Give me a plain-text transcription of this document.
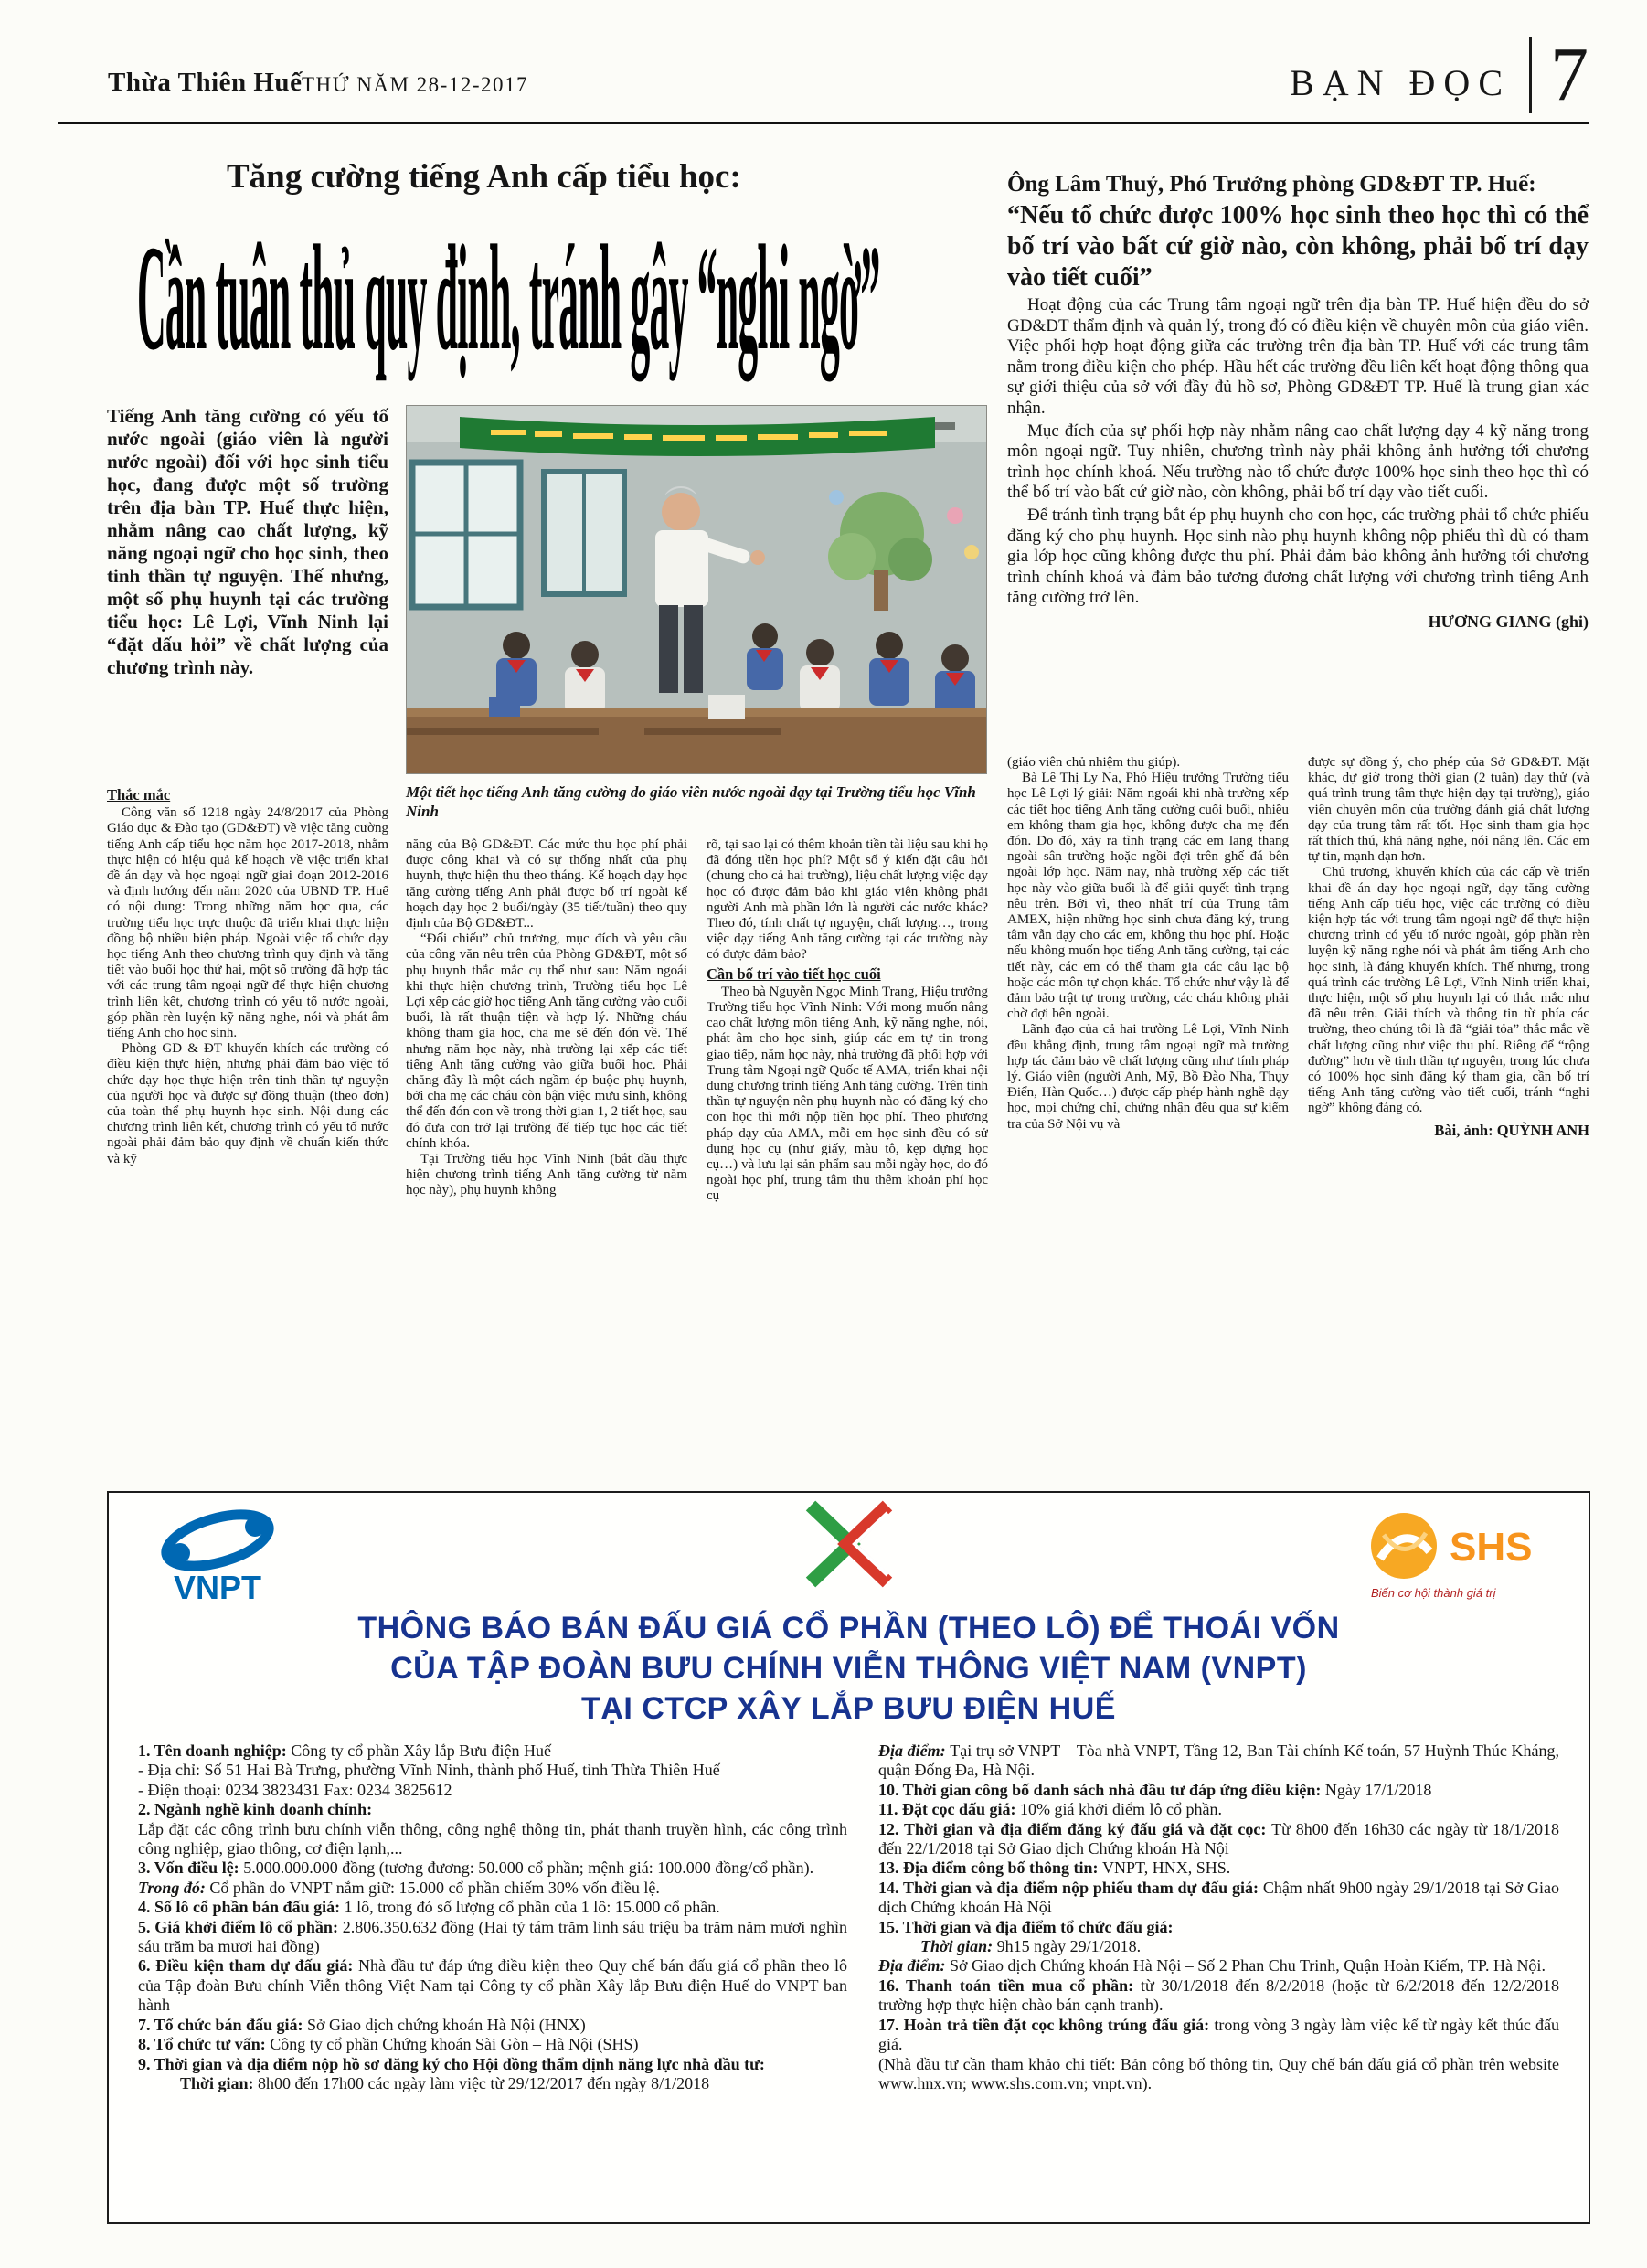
Thừa Thiên Huế THỨ NĂM 28-12-2017	BẠN ĐỌC 7
Tăng cường tiếng Anh cấp tiểu học:
Cần tuân thủ quy định, tránh gây “nghi ngờ”
Tiếng Anh tăng cường có yếu tố nước ngoài (giáo viên là người nước ngoài) đối với học sinh tiểu học, đang được một số trường trên địa bàn TP. Huế thực hiện, nhằm nâng cao chất lượng, kỹ năng ngoại ngữ cho học sinh, theo tinh thần tự nguyện. Thế nhưng, một số phụ huynh tại các trường tiểu học: Lê Lợi, Vĩnh Ninh lại “đặt dấu hỏi” về chất lượng của chương trình này.
Một tiết học tiếng Anh tăng cường do giáo viên nước ngoài dạy tại Trường tiểu học Vĩnh Ninh
Ông Lâm Thuỷ, Phó Trưởng phòng GD&ĐT TP. Huế:
“Nếu tổ chức được 100% học sinh theo học thì có thể bố trí vào bất cứ giờ nào, còn không, phải bố trí dạy vào tiết cuối”

Hoạt động của các Trung tâm ngoại ngữ trên địa bàn TP. Huế hiện đều do sở GD&ĐT thẩm định và quản lý, trong đó có điều kiện về chuyên môn của giáo viên. Việc phối hợp hoạt động giữa các trường trên địa bàn TP. Huế với các trung tâm nằm trong điều kiện cho phép. Hầu hết các trường đều liên kết hoạt động thông qua sự giới thiệu của sở với đầy đủ hồ sơ, Phòng GD&ĐT TP. Huế là trung gian xác nhận.

Mục đích của sự phối hợp này nhằm nâng cao chất lượng dạy 4 kỹ năng trong môn ngoại ngữ. Tuy nhiên, chương trình này phải không ảnh hưởng tới chương trình học chính khoá. Nếu trường nào tổ chức được 100% học sinh theo học thì có thể bố trí vào bất cứ giờ nào, còn không, phải bố trí dạy vào tiết cuối.

Để tránh tình trạng bắt ép phụ huynh cho con học, các trường phải tổ chức phiếu đăng ký cho phụ huynh. Học sinh nào phụ huynh không nộp phiếu thì dù có tham gia lớp học cũng không được thu phí. Phải đảm bảo không ảnh hưởng tới chương trình chính khoá và đảm bảo tương đương chất lượng với chương trình tiếng Anh tăng cường trở lên.

HƯƠNG GIANG (ghi)
Thắc mắc

Công văn số 1218 ngày 24/8/2017 của Phòng Giáo dục & Đào tạo (GD&ĐT) về việc tăng cường tiếng Anh cấp tiểu học năm học 2017-2018, nhằm thực hiện có hiệu quả kế hoạch về việc triển khai đề án dạy và học ngoại ngữ giai đoạn 2012-2016 và định hướng đến năm 2020 của UBND TP. Huế có nội dung: Trong những năm học qua, các trường tiểu học trực thuộc đã triển khai thực hiện đồng bộ nhiều biện pháp. Ngoài việc tổ chức dạy học tiếng Anh theo chương trình quy định và tăng tiết vào buổi học thứ hai, một số trường đã hợp tác với các trung tâm ngoại ngữ để thực hiện chương trình liên kết, chương trình có yếu tố nước ngoài, góp phần rèn luyện kỹ năng nghe, nói và phát âm tiếng Anh cho học sinh.

Phòng GD & ĐT khuyến khích các trường có điều kiện thực hiện, nhưng phải đảm bảo việc tổ chức dạy học thực hiện trên tinh thần tự nguyện của người học và được sự đồng thuận (theo đơn) của toàn thể phụ huynh học sinh. Nội dung các chương trình liên kết, chương trình có yếu tố nước ngoài phải đảm bảo quy định về chuẩn kiến thức và kỹ

năng của Bộ GD&ĐT. Các mức thu học phí phải được công khai và có sự thống nhất của phụ huynh, thực hiện thu theo tháng. Kế hoạch dạy học tăng cường tiếng Anh phải được bố trí ngoài kế hoạch dạy học 2 buổi/ngày (35 tiết/tuần) theo quy định của Bộ GD&ĐT...

“Đối chiếu” chủ trương, mục đích và yêu cầu của công văn nêu trên của Phòng GD&ĐT, một số phụ huynh thắc mắc cụ thể như sau: Năm ngoái khi thực hiện chương trình, Trường tiểu học Lê Lợi xếp các giờ học tiếng Anh tăng cường vào cuối buổi, là rất thuận tiện và hợp lý. Những cháu không tham gia học, cha mẹ sẽ đến đón về. Thế nhưng năm học này, nhà trường lại xếp các tiết tiếng Anh tăng cường vào giữa buổi học. Phải chăng đây là một cách ngầm ép buộc phụ huynh, bởi cha mẹ các cháu còn bận việc mưu sinh, không thể đến đón con về trong thời gian 1, 2 tiết học, sau đó đưa con trở lại trường để tiếp tục học các tiết chính khóa.

Tại Trường tiểu học Vĩnh Ninh (bắt đầu thực hiện chương trình tiếng Anh tăng cường từ năm học này), phụ huynh không

rõ, tại sao lại có thêm khoản tiền tài liệu sau khi họ đã đóng tiền học phí? Một số ý kiến đặt câu hỏi (chung cho cả hai trường), liệu chất lượng việc dạy học có được đảm bảo khi giáo viên không phải người Anh mà phần lớn là người các nước khác? Theo đó, tính chất tự nguyện, chất lượng…, trong việc dạy tiếng Anh tăng cường tại các trường này có được đảm bảo?

Cần bố trí vào tiết học cuối

Theo bà Nguyễn Ngọc Minh Trang, Hiệu trưởng Trường tiểu học Vĩnh Ninh: Với mong muốn nâng cao chất lượng môn tiếng Anh, kỹ năng nghe, nói, phát âm cho học sinh, giúp các em tự tin trong giao tiếp, năm học này, nhà trường đã phối hợp với Trung tâm Ngoại ngữ Quốc tế AMA, triển khai nội dung chương trình tiếng Anh tăng cường. Trên tinh thần tự nguyện nên phụ huynh nào có đăng ký cho con học thì mới nộp tiền học phí. Theo phương pháp dạy của AMA, mỗi em học sinh đều có sử dụng học cụ (như giấy, màu tô, kẹp đựng học cụ…) và lưu lại sản phẩm sau mỗi ngày học, do đó ngoài học phí, trung tâm thu thêm khoản phí học cụ

(giáo viên chủ nhiệm thu giúp).

Bà Lê Thị Ly Na, Phó Hiệu trưởng Trường tiểu học Lê Lợi lý giải: Năm ngoái khi nhà trường xếp các tiết học tiếng Anh tăng cường cuối buổi, nhiều em không tham gia học, không được cha mẹ đến đón. Do đó, xảy ra tình trạng các em lang thang ngoài sân trường hoặc ngồi đợi trên ghế đá bên ngoài lớp học. Năm nay, nhà trường xếp các tiết học này vào giữa buổi là để giải quyết tình trạng nêu trên. Bởi vì, theo nhất trí của Trung tâm AMEX, hiện những học sinh chưa đăng ký, trung tâm vẫn dạy cho các em, không thu học phí. Hoặc nếu không muốn học tiếng Anh tăng cường, tại các tiết này, các em có thể tham gia các câu lạc bộ hoặc các môn tự chọn khác. Tổ chức như vậy là để đảm bảo trật tự trong trường, các cháu không phải chờ đợi bên ngoài.

Lãnh đạo của cả hai trường Lê Lợi, Vĩnh Ninh đều khẳng định, trung tâm ngoại ngữ mà trường hợp tác đảm bảo về chất lượng cũng như tính pháp lý. Giáo viên (người Anh, Mỹ, Bồ Đào Nha, Thụy Điển, Hàn Quốc…) được cấp phép hành nghề dạy học, mọi chứng chỉ, chứng nhận đều qua sự kiểm tra của Sở Nội vụ và

được sự đồng ý, cho phép của Sở GD&ĐT. Mặt khác, dự giờ trong thời gian (2 tuần) dạy thử (và quá trình trung tâm thực hiện dạy tại trường), giáo viên chuyên môn của trường đánh giá chất lượng dạy của trung tâm rất tốt. Học sinh tham gia học rất thích thú, khả năng nghe, nói nâng lên. Các em tự tin, mạnh dạn hơn.

Chủ trương, khuyến khích của các cấp về triển khai đề án dạy học ngoại ngữ, dạy tăng cường tiếng Anh cấp tiểu học, việc các trường có điều kiện hợp tác với trung tâm ngoại ngữ để thực hiện chương trình có yếu tố nước ngoài, góp phần rèn luyện kỹ năng nghe nói và phát âm tiếng Anh cho học sinh, là đáng khuyến khích. Thế nhưng, trong quá trình các trường Lê Lợi, Vĩnh Ninh triển khai, thực hiện, một số phụ huynh lại có thắc mắc như đã nêu trên. Giải thích và thông tin từ phía các trường, theo chúng tôi là đã “giải tỏa” thắc mắc về chất lượng cũng như việc thu phí. Riêng để “rộng đường” hơn về tinh thần tự nguyện, trong lúc chưa có 100% học sinh đăng ký tham gia, cần bố trí tiếng Anh tăng cường vào tiết cuối, tránh “nghi ngờ” không đáng có.

Bài, ảnh: QUỲNH ANH

VNPT
SHS
Biến cơ hội thành giá trị
THÔNG BÁO BÁN ĐẤU GIÁ CỔ PHẦN (THEO LÔ) ĐỂ THOÁI VỐN
CỦA TẬP ĐOÀN BƯU CHÍNH VIỄN THÔNG VIỆT NAM (VNPT)
TẠI CTCP XÂY LẮP BƯU ĐIỆN HUẾ

1. Tên doanh nghiệp: Công ty cổ phần Xây lắp Bưu điện Huế

- Địa chỉ: Số 51 Hai Bà Trưng, phường Vĩnh Ninh, thành phố Huế, tỉnh Thừa Thiên Huế

- Điện thoại: 0234 3823431 Fax: 0234 3825612

2. Ngành nghề kinh doanh chính:

Lắp đặt các công trình bưu chính viễn thông, công nghệ thông tin, phát thanh truyền hình, các công trình công nghiệp, giao thông, cơ điện lạnh,...

3. Vốn điều lệ: 5.000.000.000 đồng (tương đương: 50.000 cổ phần; mệnh giá: 100.000 đồng/cổ phần).

Trong đó: Cổ phần do VNPT nắm giữ: 15.000 cổ phần chiếm 30% vốn điều lệ.

4. Số lô cổ phần bán đấu giá: 1 lô, trong đó số lượng cổ phần của 1 lô: 15.000 cổ phần.

5. Giá khởi điểm lô cổ phần: 2.806.350.632 đồng (Hai tỷ tám trăm linh sáu triệu ba trăm năm mươi nghìn sáu trăm ba mươi hai đồng)

6. Điều kiện tham dự đấu giá: Nhà đầu tư đáp ứng điều kiện theo Quy chế bán đấu giá cổ phần theo lô của Tập đoàn Bưu chính Viễn thông Việt Nam tại Công ty cổ phần Xây lắp Bưu điện Huế do VNPT ban hành

7. Tổ chức bán đấu giá: Sở Giao dịch chứng khoán Hà Nội (HNX)

8. Tổ chức tư vấn: Công ty cổ phần Chứng khoán Sài Gòn – Hà Nội (SHS)

9. Thời gian và địa điểm nộp hồ sơ đăng ký cho Hội đồng thẩm định năng lực nhà đầu tư:

Thời gian: 8h00 đến 17h00 các ngày làm việc từ 29/12/2017 đến ngày 8/1/2018

Địa điểm: Tại trụ sở VNPT – Tòa nhà VNPT, Tầng 12, Ban Tài chính Kế toán, 57 Huỳnh Thúc Kháng, quận Đống Đa, Hà Nội.

10. Thời gian công bố danh sách nhà đầu tư đáp ứng điều kiện: Ngày 17/1/2018

11. Đặt cọc đấu giá: 10% giá khởi điểm lô cổ phần.

12. Thời gian và địa điểm đăng ký đấu giá và đặt cọc: Từ 8h00 đến 16h30 các ngày từ 18/1/2018 đến 22/1/2018 tại Sở Giao dịch Chứng khoán Hà Nội

13. Địa điểm công bố thông tin: VNPT, HNX, SHS.

14. Thời gian và địa điểm nộp phiếu tham dự đấu giá: Chậm nhất 9h00 ngày 29/1/2018 tại Sở Giao dịch Chứng khoán Hà Nội

15. Thời gian và địa điểm tổ chức đấu giá:

Thời gian: 9h15 ngày 29/1/2018.

Địa điểm: Sở Giao dịch Chứng khoán Hà Nội – Số 2 Phan Chu Trinh, Quận Hoàn Kiếm, TP. Hà Nội.

16. Thanh toán tiền mua cổ phần: từ 30/1/2018 đến 8/2/2018 (hoặc từ 6/2/2018 đến 12/2/2018 trường hợp thực hiện chào bán cạnh tranh).

17. Hoàn trả tiền đặt cọc không trúng đấu giá: trong vòng 3 ngày làm việc kể từ ngày kết thúc đấu giá.

(Nhà đầu tư cần tham khảo chi tiết: Bản công bố thông tin, Quy chế bán đấu giá cổ phần trên website www.hnx.vn; www.shs.com.vn; vnpt.vn).
